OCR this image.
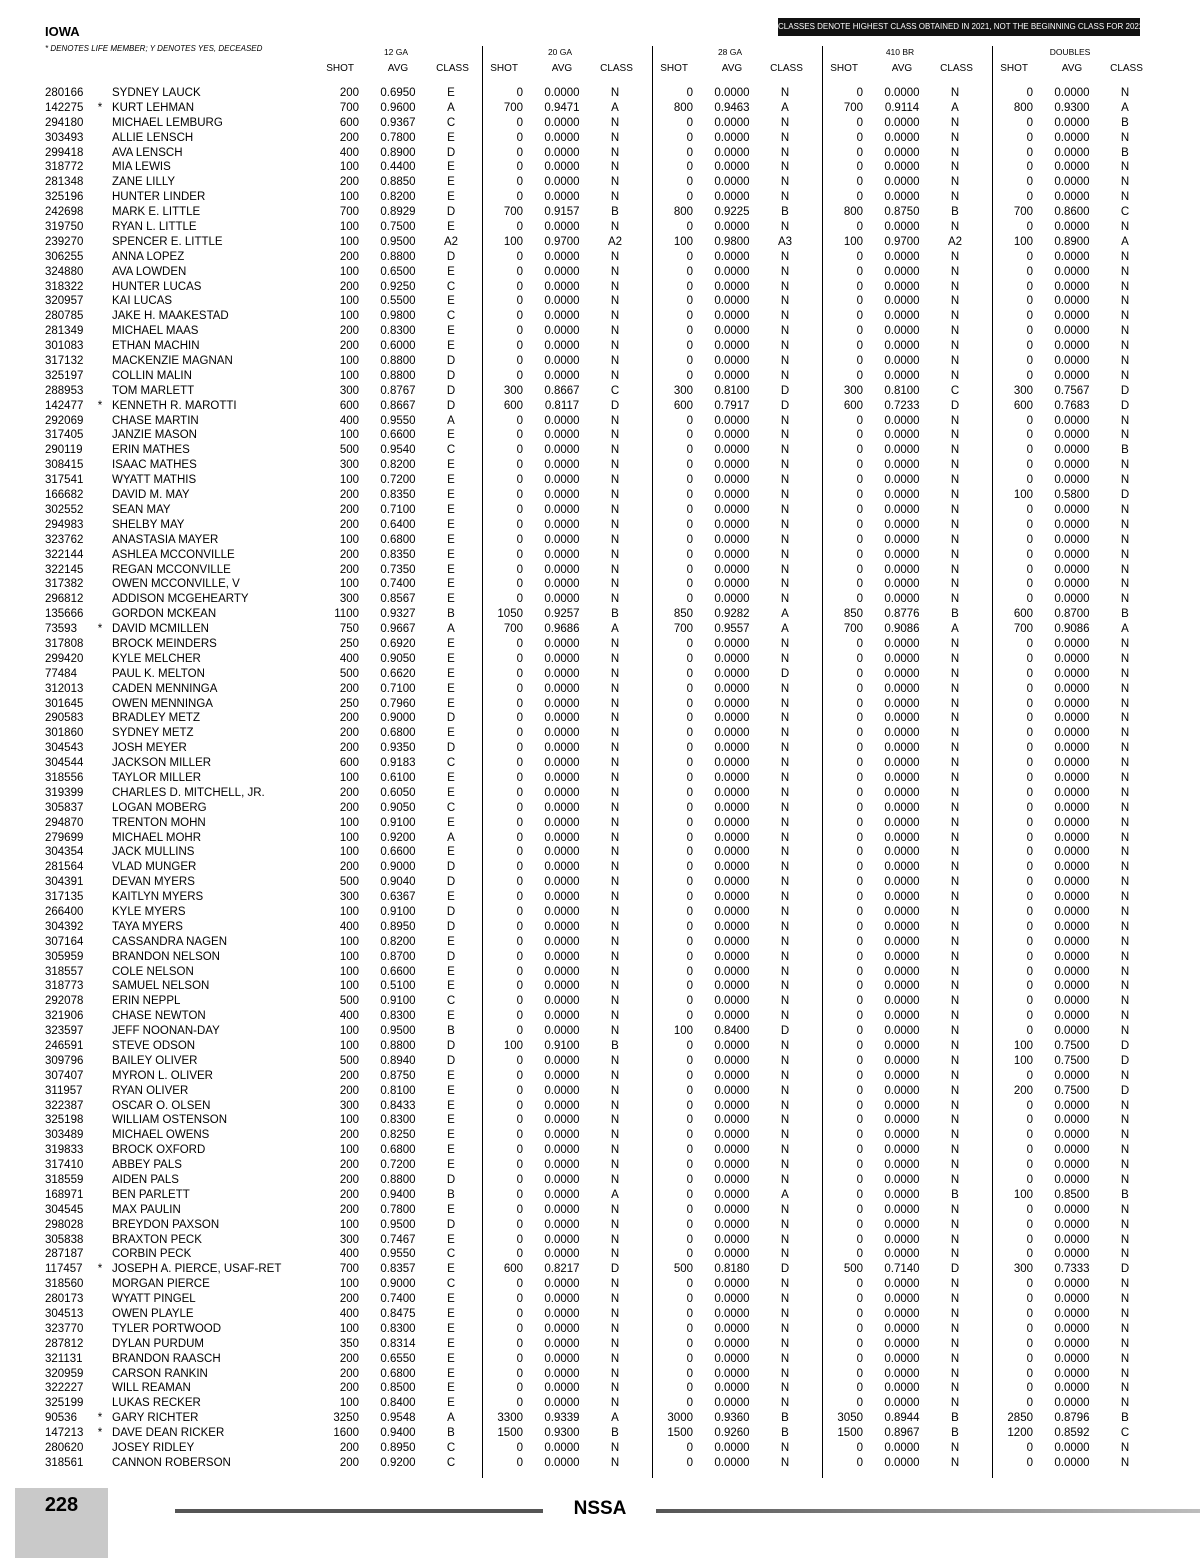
IOWA
* DENOTES LIFE MEMBER; Y DENOTES YES, DECEASED
CLASSES DENOTE HIGHEST CLASS OBTAINED IN 2021, NOT THE BEGINNING CLASS FOR 2022.
12 GA
SHOT	AVG	CLASS
20 GA
SHOT	AVG	CLASS
28 GA
SHOT	AVG	CLASS
410 BR
SHOT	AVG	CLASS
DOUBLES
SHOT	AVG	CLASS
280166	SYDNEY LAUCK	200	0.6950	E	0	0.0000	N	0	0.0000	N	0	0.0000	N	0	0.0000	N
142275	* KURT LEHMAN	700	0.9600	A	700	0.9471	A	800	0.9463	A	700	0.9114	A	800	0.9300	A
294180	MICHAEL LEMBURG	600	0.9367	C	0	0.0000	N	0	0.0000	N	0	0.0000	N	0	0.0000	B
303493	ALLIE LENSCH	200	0.7800	E	0	0.0000	N	0	0.0000	N	0	0.0000	N	0	0.0000	N
299418	AVA LENSCH	400	0.8900	D	0	0.0000	N	0	0.0000	N	0	0.0000	N	0	0.0000	B
318772	MIA LEWIS	100	0.4400	E	0	0.0000	N	0	0.0000	N	0	0.0000	N	0	0.0000	N
281348	ZANE LILLY	200	0.8850	E	0	0.0000	N	0	0.0000	N	0	0.0000	N	0	0.0000	N
325196	HUNTER LINDER	100	0.8200	E	0	0.0000	N	0	0.0000	N	0	0.0000	N	0	0.0000	N
242698	MARK E. LITTLE	700	0.8929	D	700	0.9157	B	800	0.9225	B	800	0.8750	B	700	0.8600	C
319750	RYAN L. LITTLE	100	0.7500	E	0	0.0000	N	0	0.0000	N	0	0.0000	N	0	0.0000	N
239270	SPENCER E. LITTLE	100	0.9500	A2	100	0.9700	A2	100	0.9800	A3	100	0.9700	A2	100	0.8900	A
306255	ANNA LOPEZ	200	0.8800	D	0	0.0000	N	0	0.0000	N	0	0.0000	N	0	0.0000	N
324880	AVA LOWDEN	100	0.6500	E	0	0.0000	N	0	0.0000	N	0	0.0000	N	0	0.0000	N
318322	HUNTER LUCAS	200	0.9250	C	0	0.0000	N	0	0.0000	N	0	0.0000	N	0	0.0000	N
320957	KAI LUCAS	100	0.5500	E	0	0.0000	N	0	0.0000	N	0	0.0000	N	0	0.0000	N
280785	JAKE H. MAAKESTAD	100	0.9800	C	0	0.0000	N	0	0.0000	N	0	0.0000	N	0	0.0000	N
281349	MICHAEL MAAS	200	0.8300	E	0	0.0000	N	0	0.0000	N	0	0.0000	N	0	0.0000	N
301083	ETHAN MACHIN	200	0.6000	E	0	0.0000	N	0	0.0000	N	0	0.0000	N	0	0.0000	N
317132	MACKENZIE MAGNAN	100	0.8800	D	0	0.0000	N	0	0.0000	N	0	0.0000	N	0	0.0000	N
325197	COLLIN MALIN	100	0.8800	D	0	0.0000	N	0	0.0000	N	0	0.0000	N	0	0.0000	N
288953	TOM MARLETT	300	0.8767	D	300	0.8667	C	300	0.8100	D	300	0.8100	C	300	0.7567	D
142477	* KENNETH R. MAROTTI	600	0.8667	D	600	0.8117	D	600	0.7917	D	600	0.7233	D	600	0.7683	D
292069	CHASE MARTIN	400	0.9550	A	0	0.0000	N	0	0.0000	N	0	0.0000	N	0	0.0000	N
317405	JANZIE MASON	100	0.6600	E	0	0.0000	N	0	0.0000	N	0	0.0000	N	0	0.0000	N
290119	ERIN MATHES	500	0.9540	C	0	0.0000	N	0	0.0000	N	0	0.0000	N	0	0.0000	B
308415	ISAAC MATHES	300	0.8200	E	0	0.0000	N	0	0.0000	N	0	0.0000	N	0	0.0000	N
317541	WYATT MATHIS	100	0.7200	E	0	0.0000	N	0	0.0000	N	0	0.0000	N	0	0.0000	N
166682	DAVID M. MAY	200	0.8350	E	0	0.0000	N	0	0.0000	N	0	0.0000	N	100	0.5800	D
302552	SEAN MAY	200	0.7100	E	0	0.0000	N	0	0.0000	N	0	0.0000	N	0	0.0000	N
294983	SHELBY MAY	200	0.6400	E	0	0.0000	N	0	0.0000	N	0	0.0000	N	0	0.0000	N
323762	ANASTASIA MAYER	100	0.6800	E	0	0.0000	N	0	0.0000	N	0	0.0000	N	0	0.0000	N
322144	ASHLEA MCCONVILLE	200	0.8350	E	0	0.0000	N	0	0.0000	N	0	0.0000	N	0	0.0000	N
322145	REGAN MCCONVILLE	200	0.7350	E	0	0.0000	N	0	0.0000	N	0	0.0000	N	0	0.0000	N
317382	OWEN MCCONVILLE, V	100	0.7400	E	0	0.0000	N	0	0.0000	N	0	0.0000	N	0	0.0000	N
296812	ADDISON MCGEHEARTY	300	0.8567	E	0	0.0000	N	0	0.0000	N	0	0.0000	N	0	0.0000	N
135666	GORDON MCKEAN	1100	0.9327	B	1050	0.9257	B	850	0.9282	A	850	0.8776	B	600	0.8700	B
73593	* DAVID MCMILLEN	750	0.9667	A	700	0.9686	A	700	0.9557	A	700	0.9086	A	700	0.9086	A
317808	BROCK MEINDERS	250	0.6920	E	0	0.0000	N	0	0.0000	N	0	0.0000	N	0	0.0000	N
299420	KYLE MELCHER	400	0.9050	E	0	0.0000	N	0	0.0000	N	0	0.0000	N	0	0.0000	N
77484	PAUL K. MELTON	500	0.6620	E	0	0.0000	N	0	0.0000	D	0	0.0000	N	0	0.0000	N
312013	CADEN MENNINGA	200	0.7100	E	0	0.0000	N	0	0.0000	N	0	0.0000	N	0	0.0000	N
301645	OWEN MENNINGA	250	0.7960	E	0	0.0000	N	0	0.0000	N	0	0.0000	N	0	0.0000	N
290583	BRADLEY METZ	200	0.9000	D	0	0.0000	N	0	0.0000	N	0	0.0000	N	0	0.0000	N
301860	SYDNEY METZ	200	0.6800	E	0	0.0000	N	0	0.0000	N	0	0.0000	N	0	0.0000	N
304543	JOSH MEYER	200	0.9350	D	0	0.0000	N	0	0.0000	N	0	0.0000	N	0	0.0000	N
304544	JACKSON MILLER	600	0.9183	C	0	0.0000	N	0	0.0000	N	0	0.0000	N	0	0.0000	N
318556	TAYLOR MILLER	100	0.6100	E	0	0.0000	N	0	0.0000	N	0	0.0000	N	0	0.0000	N
319399	CHARLES D. MITCHELL, JR.	200	0.6050	E	0	0.0000	N	0	0.0000	N	0	0.0000	N	0	0.0000	N
305837	LOGAN MOBERG	200	0.9050	C	0	0.0000	N	0	0.0000	N	0	0.0000	N	0	0.0000	N
294870	TRENTON MOHN	100	0.9100	E	0	0.0000	N	0	0.0000	N	0	0.0000	N	0	0.0000	N
279699	MICHAEL MOHR	100	0.9200	A	0	0.0000	N	0	0.0000	N	0	0.0000	N	0	0.0000	N
304354	JACK MULLINS	100	0.6600	E	0	0.0000	N	0	0.0000	N	0	0.0000	N	0	0.0000	N
281564	VLAD MUNGER	200	0.9000	D	0	0.0000	N	0	0.0000	N	0	0.0000	N	0	0.0000	N
304391	DEVAN MYERS	500	0.9040	D	0	0.0000	N	0	0.0000	N	0	0.0000	N	0	0.0000	N
317135	KAITLYN MYERS	300	0.6367	E	0	0.0000	N	0	0.0000	N	0	0.0000	N	0	0.0000	N
266400	KYLE MYERS	100	0.9100	D	0	0.0000	N	0	0.0000	N	0	0.0000	N	0	0.0000	N
304392	TAYA MYERS	400	0.8950	D	0	0.0000	N	0	0.0000	N	0	0.0000	N	0	0.0000	N
307164	CASSANDRA NAGEN	100	0.8200	E	0	0.0000	N	0	0.0000	N	0	0.0000	N	0	0.0000	N
305959	BRANDON NELSON	100	0.8700	D	0	0.0000	N	0	0.0000	N	0	0.0000	N	0	0.0000	N
318557	COLE NELSON	100	0.6600	E	0	0.0000	N	0	0.0000	N	0	0.0000	N	0	0.0000	N
318773	SAMUEL NELSON	100	0.5100	E	0	0.0000	N	0	0.0000	N	0	0.0000	N	0	0.0000	N
292078	ERIN NEPPL	500	0.9100	C	0	0.0000	N	0	0.0000	N	0	0.0000	N	0	0.0000	N
321906	CHASE NEWTON	400	0.8300	E	0	0.0000	N	0	0.0000	N	0	0.0000	N	0	0.0000	N
323597	JEFF NOONAN-DAY	100	0.9500	B	0	0.0000	N	100	0.8400	D	0	0.0000	N	0	0.0000	N
246591	STEVE ODSON	100	0.8800	D	100	0.9100	B	0	0.0000	N	0	0.0000	N	100	0.7500	D
309796	BAILEY OLIVER	500	0.8940	D	0	0.0000	N	0	0.0000	N	0	0.0000	N	100	0.7500	D
307407	MYRON L. OLIVER	200	0.8750	E	0	0.0000	N	0	0.0000	N	0	0.0000	N	0	0.0000	N
311957	RYAN OLIVER	200	0.8100	E	0	0.0000	N	0	0.0000	N	0	0.0000	N	200	0.7500	D
322387	OSCAR O. OLSEN	300	0.8433	E	0	0.0000	N	0	0.0000	N	0	0.0000	N	0	0.0000	N
325198	WILLIAM OSTENSON	100	0.8300	E	0	0.0000	N	0	0.0000	N	0	0.0000	N	0	0.0000	N
303489	MICHAEL OWENS	200	0.8250	E	0	0.0000	N	0	0.0000	N	0	0.0000	N	0	0.0000	N
319833	BROCK OXFORD	100	0.6800	E	0	0.0000	N	0	0.0000	N	0	0.0000	N	0	0.0000	N
317410	ABBEY PALS	200	0.7200	E	0	0.0000	N	0	0.0000	N	0	0.0000	N	0	0.0000	N
318559	AIDEN PALS	200	0.8800	D	0	0.0000	N	0	0.0000	N	0	0.0000	N	0	0.0000	N
168971	BEN PARLETT	200	0.9400	B	0	0.0000	A	0	0.0000	A	0	0.0000	B	100	0.8500	B
304545	MAX PAULIN	200	0.7800	E	0	0.0000	N	0	0.0000	N	0	0.0000	N	0	0.0000	N
298028	BREYDON PAXSON	100	0.9500	D	0	0.0000	N	0	0.0000	N	0	0.0000	N	0	0.0000	N
305838	BRAXTON PECK	300	0.7467	E	0	0.0000	N	0	0.0000	N	0	0.0000	N	0	0.0000	N
287187	CORBIN PECK	400	0.9550	C	0	0.0000	N	0	0.0000	N	0	0.0000	N	0	0.0000	N
117457	* JOSEPH A. PIERCE, USAF-RET	700	0.8357	E	600	0.8217	D	500	0.8180	D	500	0.7140	D	300	0.7333	D
318560	MORGAN PIERCE	100	0.9000	C	0	0.0000	N	0	0.0000	N	0	0.0000	N	0	0.0000	N
280173	WYATT PINGEL	200	0.7400	E	0	0.0000	N	0	0.0000	N	0	0.0000	N	0	0.0000	N
304513	OWEN PLAYLE	400	0.8475	E	0	0.0000	N	0	0.0000	N	0	0.0000	N	0	0.0000	N
323770	TYLER PORTWOOD	100	0.8300	E	0	0.0000	N	0	0.0000	N	0	0.0000	N	0	0.0000	N
287812	DYLAN PURDUM	350	0.8314	E	0	0.0000	N	0	0.0000	N	0	0.0000	N	0	0.0000	N
321131	BRANDON RAASCH	200	0.6550	E	0	0.0000	N	0	0.0000	N	0	0.0000	N	0	0.0000	N
320959	CARSON RANKIN	200	0.6800	E	0	0.0000	N	0	0.0000	N	0	0.0000	N	0	0.0000	N
322227	WILL REAMAN	200	0.8500	E	0	0.0000	N	0	0.0000	N	0	0.0000	N	0	0.0000	N
325199	LUKAS RECKER	100	0.8400	E	0	0.0000	N	0	0.0000	N	0	0.0000	N	0	0.0000	N
90536	* GARY RICHTER	3250	0.9548	A	3300	0.9339	A	3000	0.9360	B	3050	0.8944	B	2850	0.8796	B
147213	* DAVE DEAN RICKER	1600	0.9400	B	1500	0.9300	B	1500	0.9260	B	1500	0.8967	B	1200	0.8592	C
280620	JOSEY RIDLEY	200	0.8950	C	0	0.0000	N	0	0.0000	N	0	0.0000	N	0	0.0000	N
318561	CANNON ROBERSON	200	0.9200	C	0	0.0000	N	0	0.0000	N	0	0.0000	N	0	0.0000	N
228	NSSA
